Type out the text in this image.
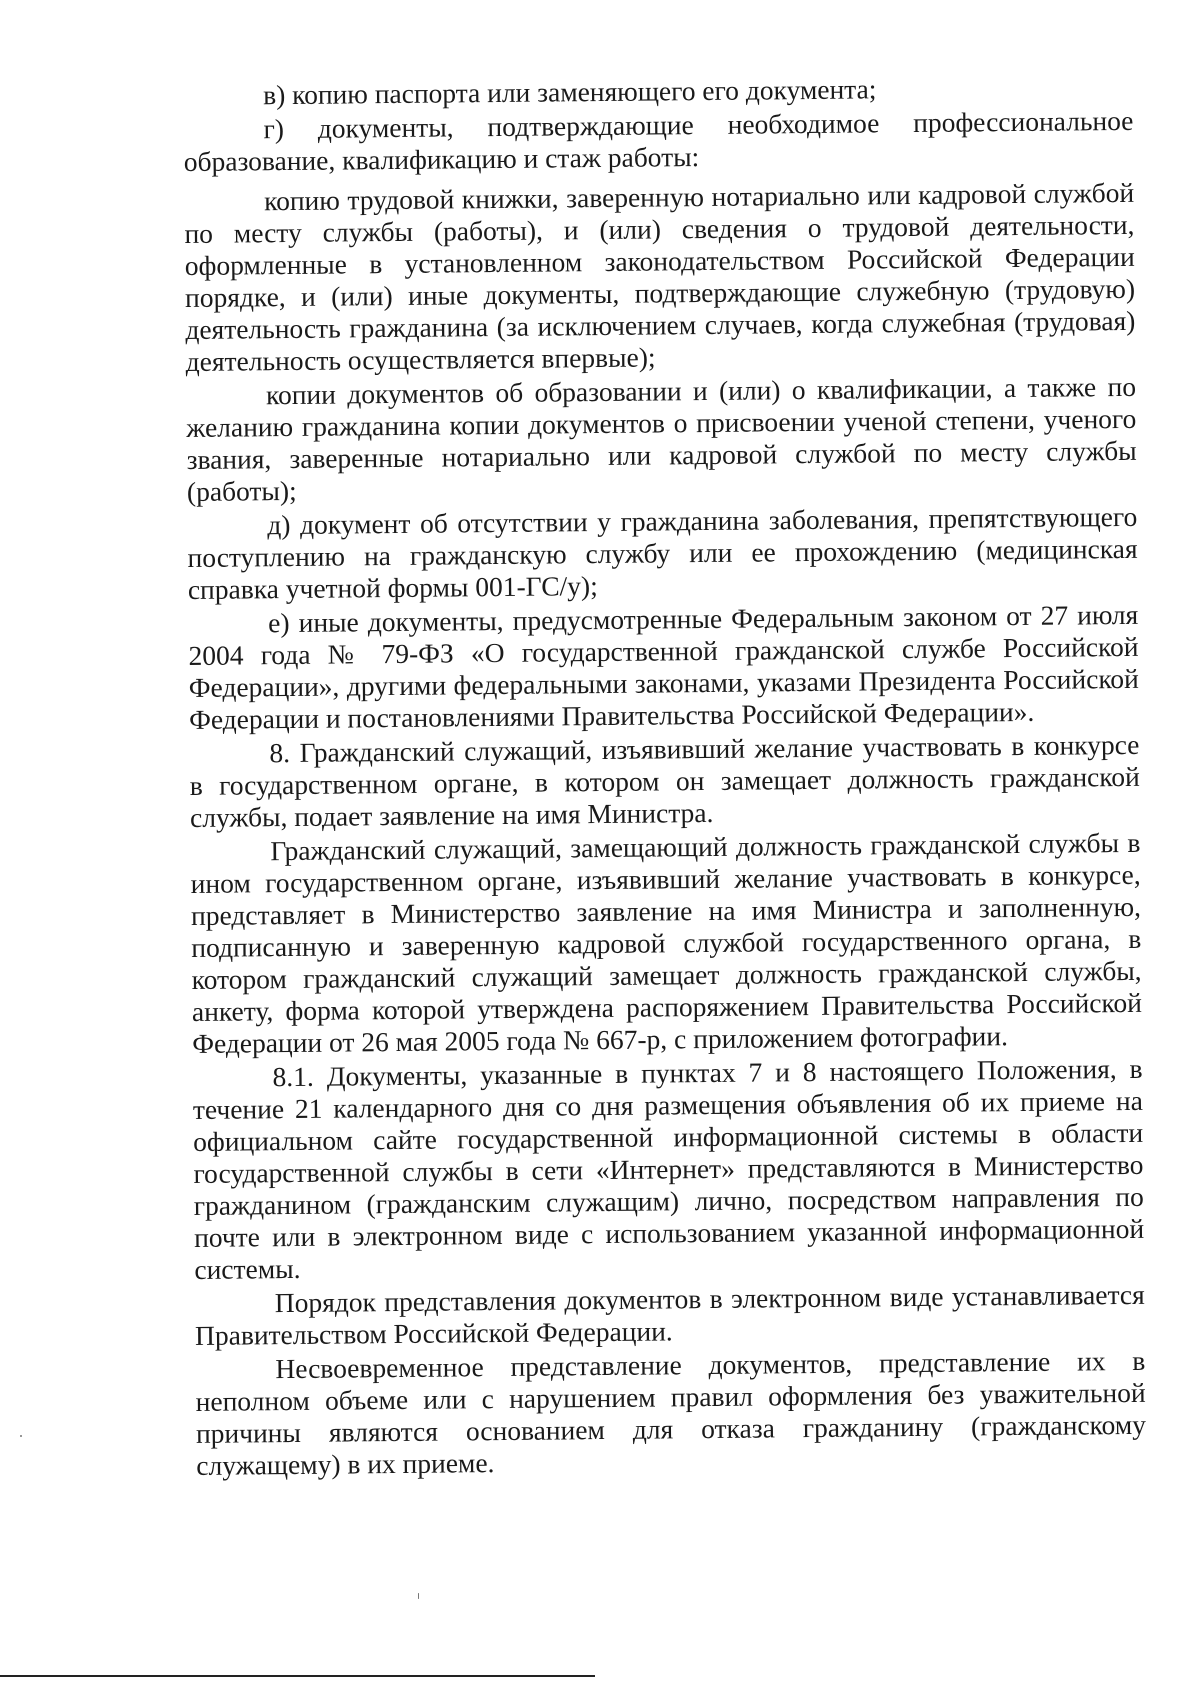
в) копию паспорта или заменяющего его документа;

г) документы, подтверждающие необходимое профессиональное образование, квалификацию и стаж работы:

копию трудовой книжки, заверенную нотариально или кадровой службой по месту службы (работы), и (или) сведения о трудовой деятельности, оформленные в установленном законодательством Российской Федерации порядке, и (или) иные документы, подтверждающие служебную (трудовую) деятельность гражданина (за исключением случаев, когда служебная (трудовая) деятельность осуществляется впервые);

копии документов об образовании и (или) о квалификации, а также по желанию гражданина копии документов о присвоении ученой степени, ученого звания, заверенные нотариально или кадровой службой по месту службы (работы);

д) документ об отсутствии у гражданина заболевания, препятствующего поступлению на гражданскую службу или ее прохождению (медицинская справка учетной формы 001-ГС/у);

е) иные документы, предусмотренные Федеральным законом от 27 июля 2004 года № 79-ФЗ «О государственной гражданской службе Российской Федерации», другими федеральными законами, указами Президента Российской Федерации и постановлениями Правительства Российской Федерации».

8. Гражданский служащий, изъявивший желание участвовать в конкурсе в государственном органе, в котором он замещает должность гражданской службы, подает заявление на имя Министра.

Гражданский служащий, замещающий должность гражданской службы в ином государственном органе, изъявивший желание участвовать в конкурсе, представляет в Министерство заявление на имя Министра и заполненную, подписанную и заверенную кадровой службой государственного органа, в котором гражданский служащий замещает должность гражданской службы, анкету, форма которой утверждена распоряжением Правительства Российской Федерации от 26 мая 2005 года № 667-р, с приложением фотографии.

8.1. Документы, указанные в пунктах 7 и 8 настоящего Положения, в течение 21 календарного дня со дня размещения объявления об их приеме на официальном сайте государственной информационной системы в области государственной службы в сети «Интернет» представляются в Министерство гражданином (гражданским служащим) лично, посредством направления по почте или в электронном виде с использованием указанной информационной системы.

Порядок представления документов в электронном виде устанавливается Правительством Российской Федерации.

Несвоевременное представление документов, представление их в неполном объеме или с нарушением правил оформления без уважительной причины являются основанием для отказа гражданину (гражданскому служащему) в их приеме.
